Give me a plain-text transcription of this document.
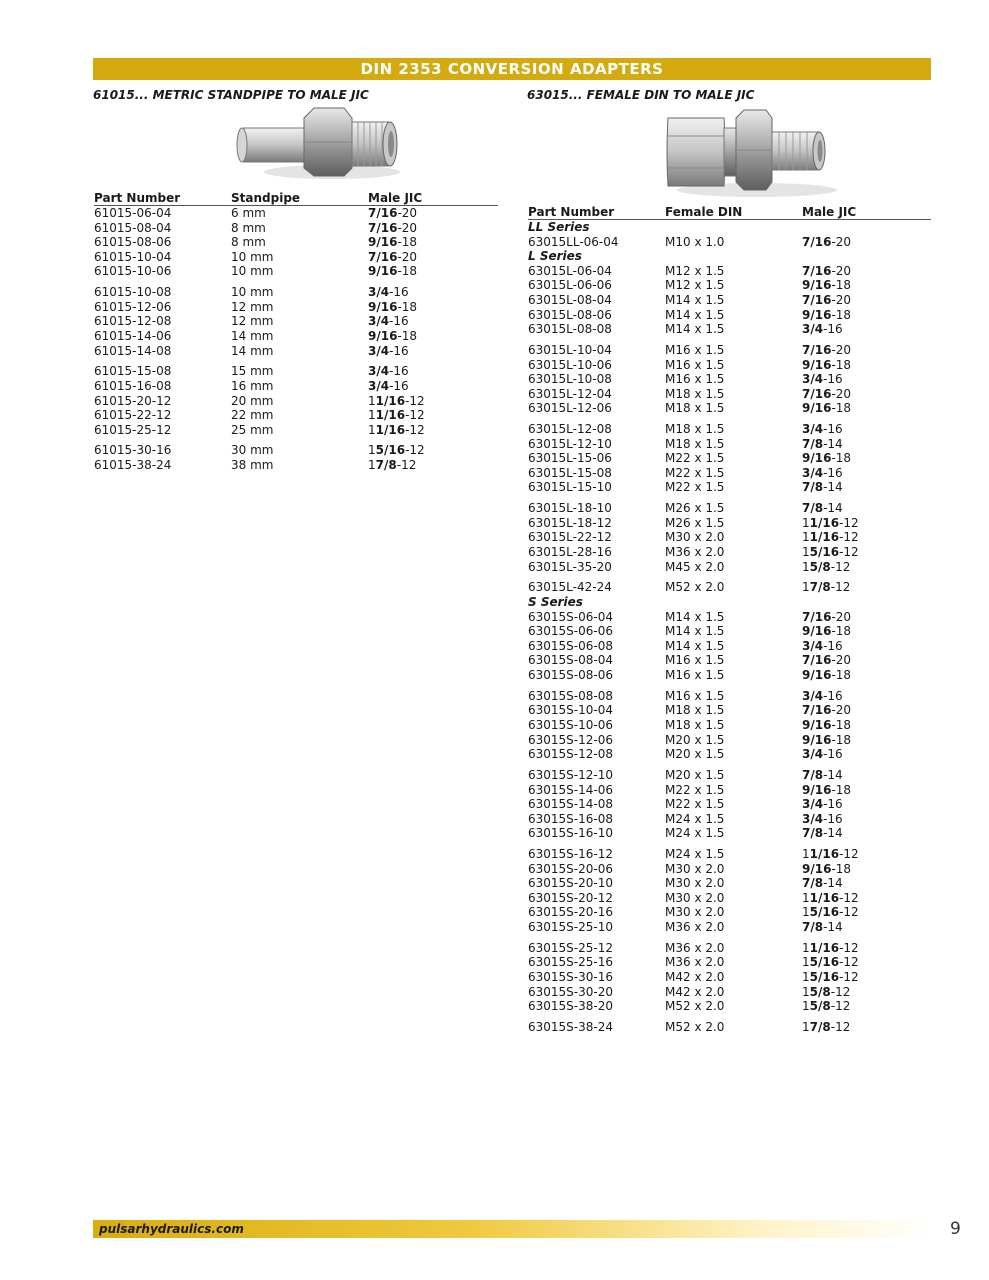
DIN 2353 CONVERSION ADAPTERS
61015... METRIC STANDPIPE TO MALE JIC	63015... FEMALE DIN TO MALE JIC
Part Number	Standpipe	Male JIC
61015-06-04	6 mm	7/16-20
61015-08-04	8 mm	7/16-20
61015-08-06	8 mm	9/16-18
61015-10-04	10 mm	7/16-20
61015-10-06	10 mm	9/16-18
61015-10-08	10 mm	3/4-16
61015-12-06	12 mm	9/16-18
61015-12-08	12 mm	3/4-16
61015-14-06	14 mm	9/16-18
61015-14-08	14 mm	3/4-16
61015-15-08	15 mm	3/4-16
61015-16-08	16 mm	3/4-16
61015-20-12	20 mm	11/16-12
61015-22-12	22 mm	11/16-12
61015-25-12	25 mm	11/16-12
61015-30-16	30 mm	15/16-12
61015-38-24	38 mm	17/8-12
Part Number	Female DIN	Male JIC
LL Series
63015LL-06-04	M10 x 1.0	7/16-20
L Series
63015L-06-04	M12 x 1.5	7/16-20
63015L-06-06	M12 x 1.5	9/16-18
63015L-08-04	M14 x 1.5	7/16-20
63015L-08-06	M14 x 1.5	9/16-18
63015L-08-08	M14 x 1.5	3/4-16
63015L-10-04	M16 x 1.5	7/16-20
63015L-10-06	M16 x 1.5	9/16-18
63015L-10-08	M16 x 1.5	3/4-16
63015L-12-04	M18 x 1.5	7/16-20
63015L-12-06	M18 x 1.5	9/16-18
63015L-12-08	M18 x 1.5	3/4-16
63015L-12-10	M18 x 1.5	7/8-14
63015L-15-06	M22 x 1.5	9/16-18
63015L-15-08	M22 x 1.5	3/4-16
63015L-15-10	M22 x 1.5	7/8-14
63015L-18-10	M26 x 1.5	7/8-14
63015L-18-12	M26 x 1.5	11/16-12
63015L-22-12	M30 x 2.0	11/16-12
63015L-28-16	M36 x 2.0	15/16-12
63015L-35-20	M45 x 2.0	15/8-12
63015L-42-24	M52 x 2.0	17/8-12
S Series
63015S-06-04	M14 x 1.5	7/16-20
63015S-06-06	M14 x 1.5	9/16-18
63015S-06-08	M14 x 1.5	3/4-16
63015S-08-04	M16 x 1.5	7/16-20
63015S-08-06	M16 x 1.5	9/16-18
63015S-08-08	M16 x 1.5	3/4-16
63015S-10-04	M18 x 1.5	7/16-20
63015S-10-06	M18 x 1.5	9/16-18
63015S-12-06	M20 x 1.5	9/16-18
63015S-12-08	M20 x 1.5	3/4-16
63015S-12-10	M20 x 1.5	7/8-14
63015S-14-06	M22 x 1.5	9/16-18
63015S-14-08	M22 x 1.5	3/4-16
63015S-16-08	M24 x 1.5	3/4-16
63015S-16-10	M24 x 1.5	7/8-14
63015S-16-12	M24 x 1.5	11/16-12
63015S-20-06	M30 x 2.0	9/16-18
63015S-20-10	M30 x 2.0	7/8-14
63015S-20-12	M30 x 2.0	11/16-12
63015S-20-16	M30 x 2.0	15/16-12
63015S-25-10	M36 x 2.0	7/8-14
63015S-25-12	M36 x 2.0	11/16-12
63015S-25-16	M36 x 2.0	15/16-12
63015S-30-16	M42 x 2.0	15/16-12
63015S-30-20	M42 x 2.0	15/8-12
63015S-38-20	M52 x 2.0	15/8-12
63015S-38-24	M52 x 2.0	17/8-12
pulsarhydraulics.com	9
